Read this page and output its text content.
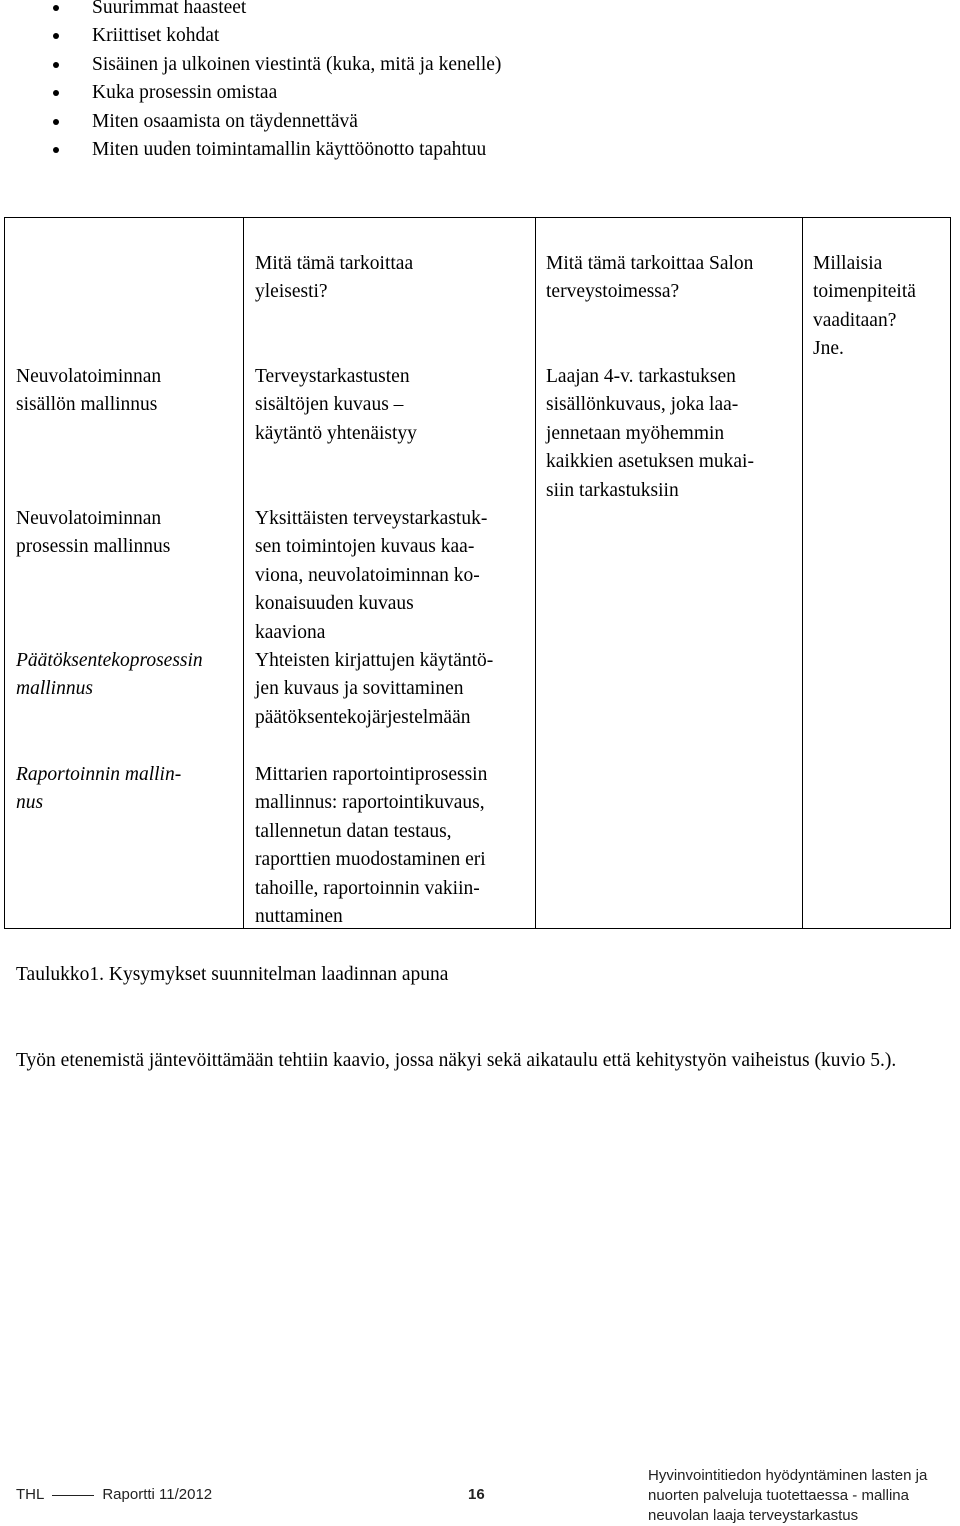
Suurimmat haasteet
Kriittiset kohdat
Sisäinen ja ulkoinen viestintä (kuka, mitä ja kenelle)
Kuka prosessin omistaa
Miten osaamista on täydennettävä
Miten uuden toimintamallin käyttöönotto tapahtuu
Neuvolatoiminnan
sisällön mallinnus
Neuvolatoiminnan
prosessin mallinnus
Päätöksentekoprosessin
mallinnus
Raportoinnin mallin-
nus
Mitä tämä tarkoittaa
yleisesti?
Terveystarkastusten
sisältöjen kuvaus –
käytäntö yhtenäistyy
Yksittäisten terveystarkastuk-
sen toimintojen kuvaus kaa-
viona, neuvolatoiminnan ko-
konaisuuden kuvaus
kaaviona
Yhteisten kirjattujen käytäntö-
jen kuvaus ja sovittaminen
päätöksentekojärjestelmään
Mittarien raportointiprosessin
mallinnus: raportointikuvaus,
tallennetun datan testaus,
raporttien muodostaminen eri
tahoille, raportoinnin vakiin-
nuttaminen
Mitä tämä tarkoittaa Salon
terveystoimessa?
Laajan 4-v. tarkastuksen
sisällönkuvaus, joka laa-
jennetaan myöhemmin
kaikkien asetuksen mukai-
siin tarkastuksiin
Millaisia
toimenpiteitä
vaaditaan?
Jne.
Taulukko1. Kysymykset suunnitelman laadinnan apuna
Työn etenemistä jäntevöittämään tehtiin kaavio, jossa näkyi sekä aikataulu että kehitystyön vaiheistus (kuvio 5.).
THL	Raportti 11/2012	16
Hyvinvointitiedon hyödyntäminen lasten ja
nuorten palveluja tuotettaessa - mallina
neuvolan laaja terveystarkastus
